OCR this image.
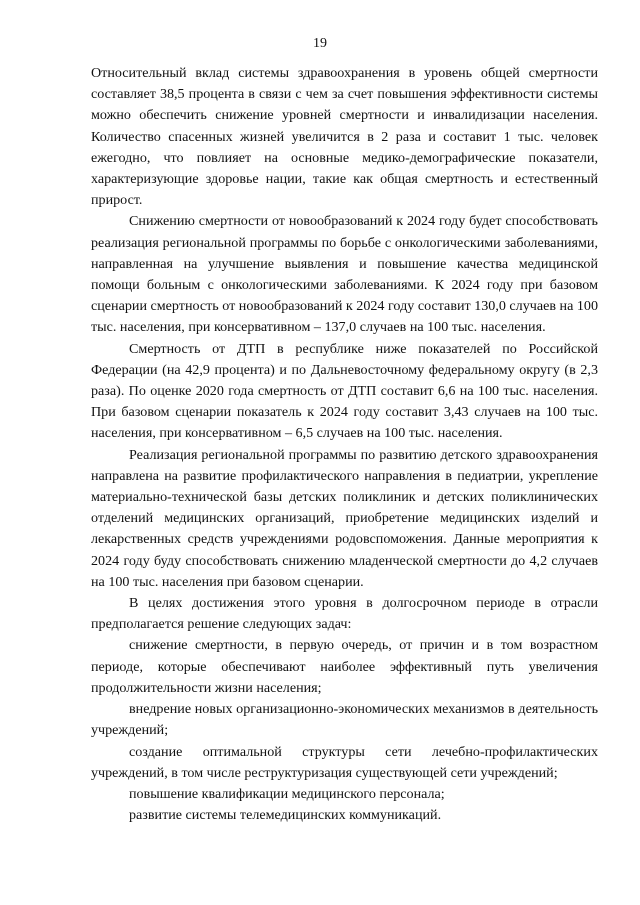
19

Относительный вклад системы здравоохранения в уровень общей смертности составляет 38,5 процента в связи с чем за счет повышения эффективности системы можно обеспечить снижение уровней смертности и инвалидизации населения. Количество спасенных жизней увеличится в 2 раза и составит 1 тыс. человек ежегодно, что повлияет на основные медико-демографические показатели, характеризующие здоровье нации, такие как общая смертность и естественный прирост.

Снижению смертности от новообразований к 2024 году будет способствовать реализация региональной программы по борьбе с онкологическими заболеваниями, направленная на улучшение выявления и повышение качества медицинской помощи больным с онкологическими заболеваниями. К 2024 году при базовом сценарии смертность от новообразований к 2024 году составит 130,0 случаев на 100 тыс. населения, при консервативном – 137,0 случаев на 100 тыс. населения.

Смертность от ДТП в республике ниже показателей по Российской Федерации (на 42,9 процента) и по Дальневосточному федеральному округу (в 2,3 раза). По оценке 2020 года смертность от ДТП составит 6,6 на 100 тыс. населения. При базовом сценарии показатель к 2024 году составит 3,43 случаев на 100 тыс. населения, при консервативном – 6,5 случаев на 100 тыс. населения.

Реализация региональной программы по развитию детского здравоохранения направлена на развитие профилактического направления в педиатрии, укрепление материально-технической базы детских поликлиник и детских поликлинических отделений медицинских организаций, приобретение медицинских изделий и лекарственных средств учреждениями родовспоможения. Данные мероприятия к 2024 году буду способствовать снижению младенческой смертности до 4,2 случаев на 100 тыс. населения при базовом сценарии.

В целях достижения этого уровня в долгосрочном периоде в отрасли предполагается решение следующих задач:

снижение смертности, в первую очередь, от причин и в том возрастном периоде, которые обеспечивают наиболее эффективный путь увеличения продолжительности жизни населения;

внедрение новых организационно-экономических механизмов в деятельность учреждений;

создание оптимальной структуры сети лечебно-профилактических учреждений, в том числе реструктуризация существующей сети учреждений;

повышение квалификации медицинского персонала;

развитие системы телемедицинских коммуникаций.
